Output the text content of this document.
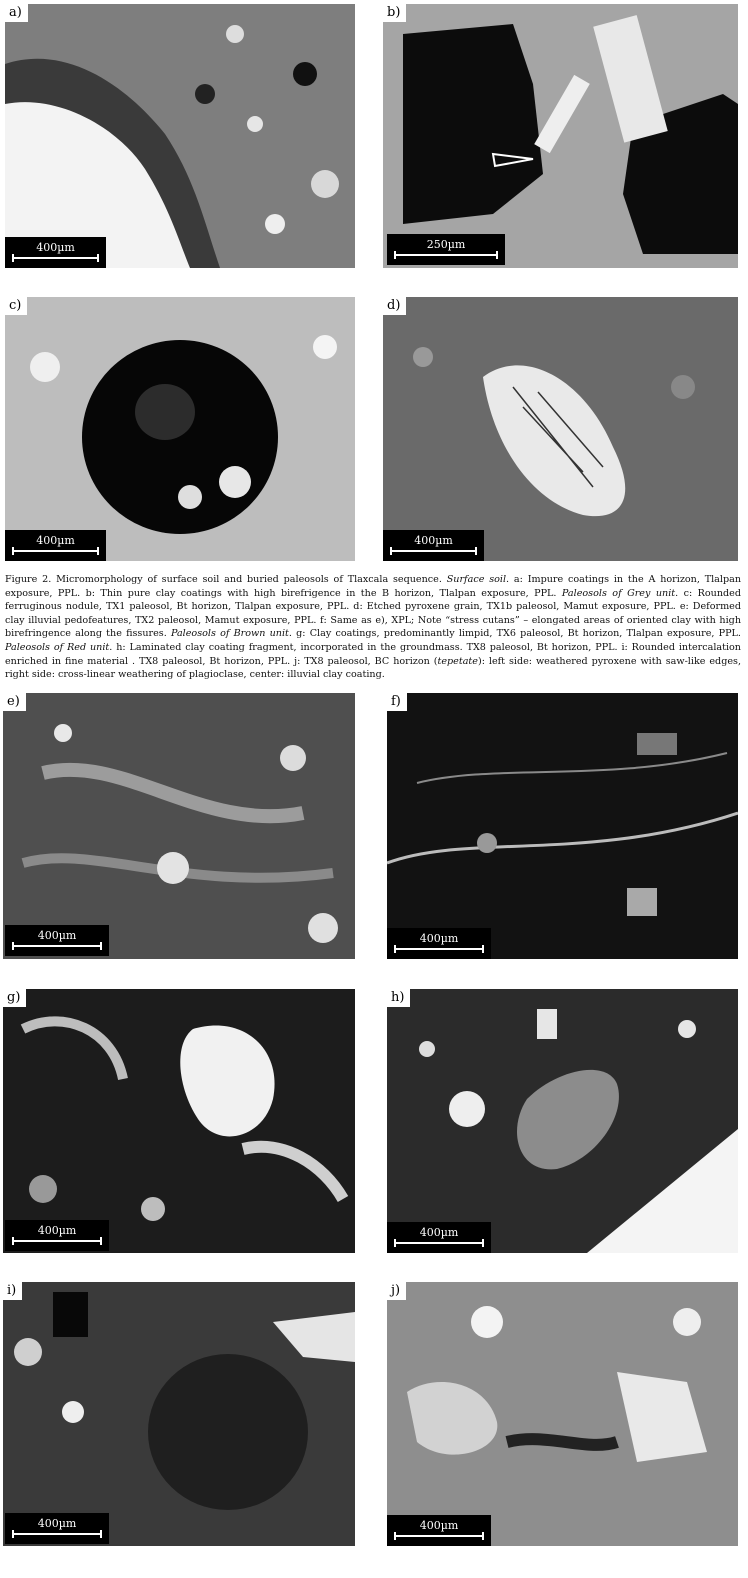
a)
400µm
b)
250µm
c)
400µm
d)
400µm
Figure 2. Micromorphology of surface soil and buried paleosols of Tlaxcala sequence. Surface soil. a: Impure coatings in the A horizon, Tlalpan exposure, PPL. b: Thin pure clay coatings with high birefrigence in the B horizon, Tlalpan exposure, PPL. Paleosols of Grey unit. c: Rounded ferruginous nodule, TX1 paleosol, Bt horizon, Tlalpan exposure, PPL. d: Etched pyroxene grain, TX1b paleosol, Mamut exposure, PPL. e: Deformed clay illuvial pedofeatures, TX2 paleosol, Mamut exposure, PPL. f: Same as e), XPL; Note “stress cutans” – elongated areas of oriented clay with high birefringence along the fissures. Paleosols of Brown unit. g: Clay coatings, predominantly limpid, TX6 paleosol, Bt horizon, Tlalpan exposure, PPL. Paleosols of Red unit. h: Laminated clay coating fragment, incorporated in the groundmass. TX8 paleosol, Bt horizon, PPL. i: Rounded intercalation enriched in fine material . TX8 paleosol, Bt horizon, PPL. j: TX8 paleosol, BC horizon (tepetate): left side: weathered pyroxene with saw-like edges, right side: cross-linear weathering of plagioclase, center: illuvial clay coating.
e)
400µm
f)
400µm
g)
400µm
h)
400µm
i)
400µm
j)
400µm
